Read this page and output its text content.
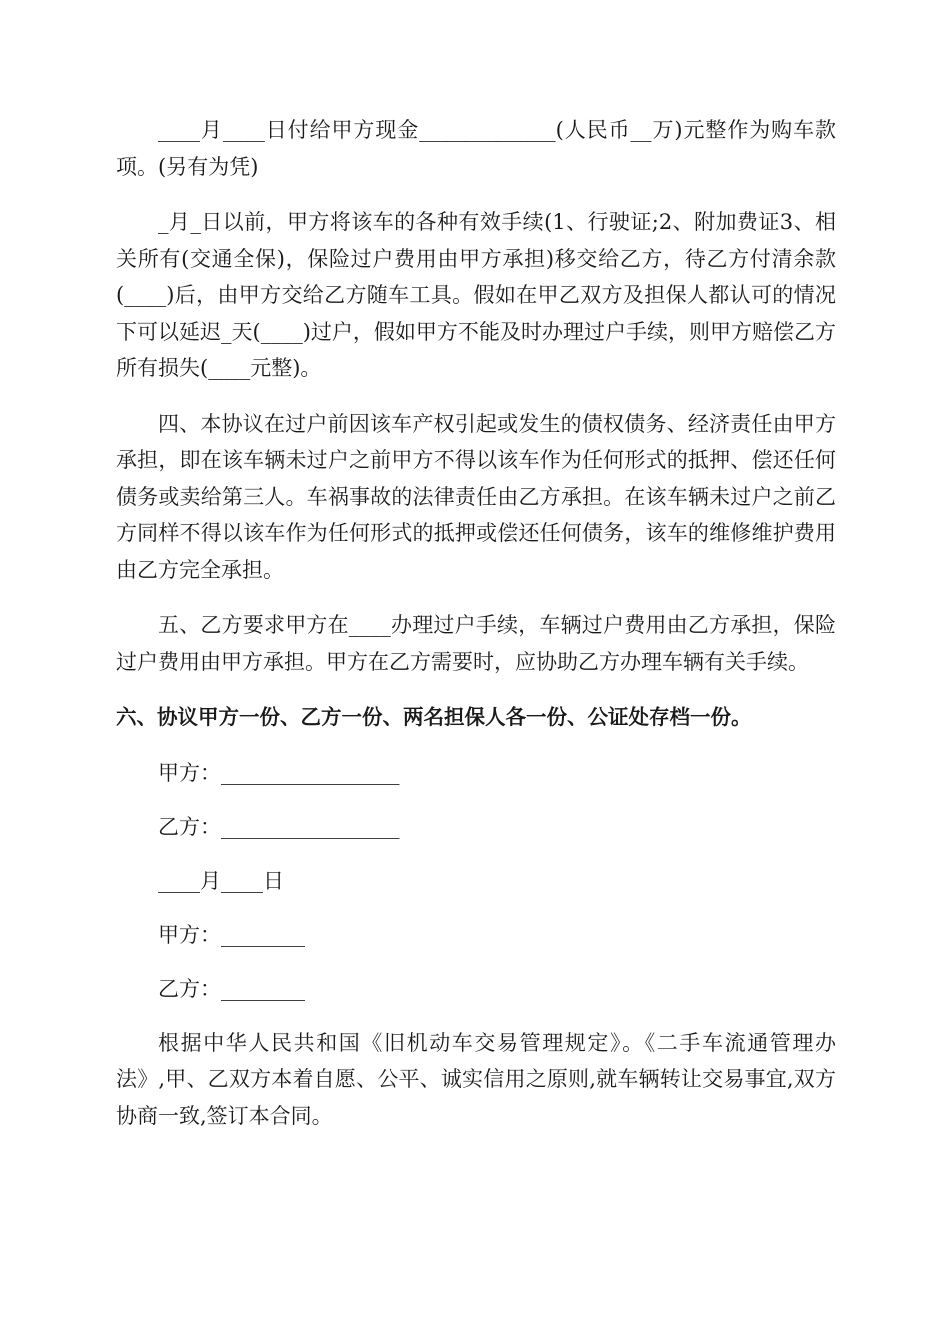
____月____日付给甲方现金_____________(人民币__万)元整作为购车款项。(另有为凭)

_月_日以前，甲方将该车的各种有效手续(1、行驶证;2、附加费证3、相关所有(交通全保)，保险过户费用由甲方承担)移交给乙方，待乙方付清余款(____)后，由甲方交给乙方随车工具。假如在甲乙双方及担保人都认可的情况下可以延迟_天(____)过户，假如甲方不能及时办理过户手续，则甲方赔偿乙方所有损失(____元整)。

四、本协议在过户前因该车产权引起或发生的债权债务、经济责任由甲方承担，即在该车辆未过户之前甲方不得以该车作为任何形式的抵押、偿还任何债务或卖给第三人。车祸事故的法律责任由乙方承担。在该车辆未过户之前乙方同样不得以该车作为任何形式的抵押或偿还任何债务，该车的维修维护费用由乙方完全承担。

五、乙方要求甲方在____办理过户手续，车辆过户费用由乙方承担，保险过户费用由甲方承担。甲方在乙方需要时，应协助乙方办理车辆有关手续。

六、协议甲方一份、乙方一份、两名担保人各一份、公证处存档一份。

甲方：_________________

乙方：_________________

____月____日

甲方：________

乙方：________

根据中华人民共和国《旧机动车交易管理规定》。《二手车流通管理办法》,甲、乙双方本着自愿、公平、诚实信用之原则,就车辆转让交易事宜,双方协商一致,签订本合同。
